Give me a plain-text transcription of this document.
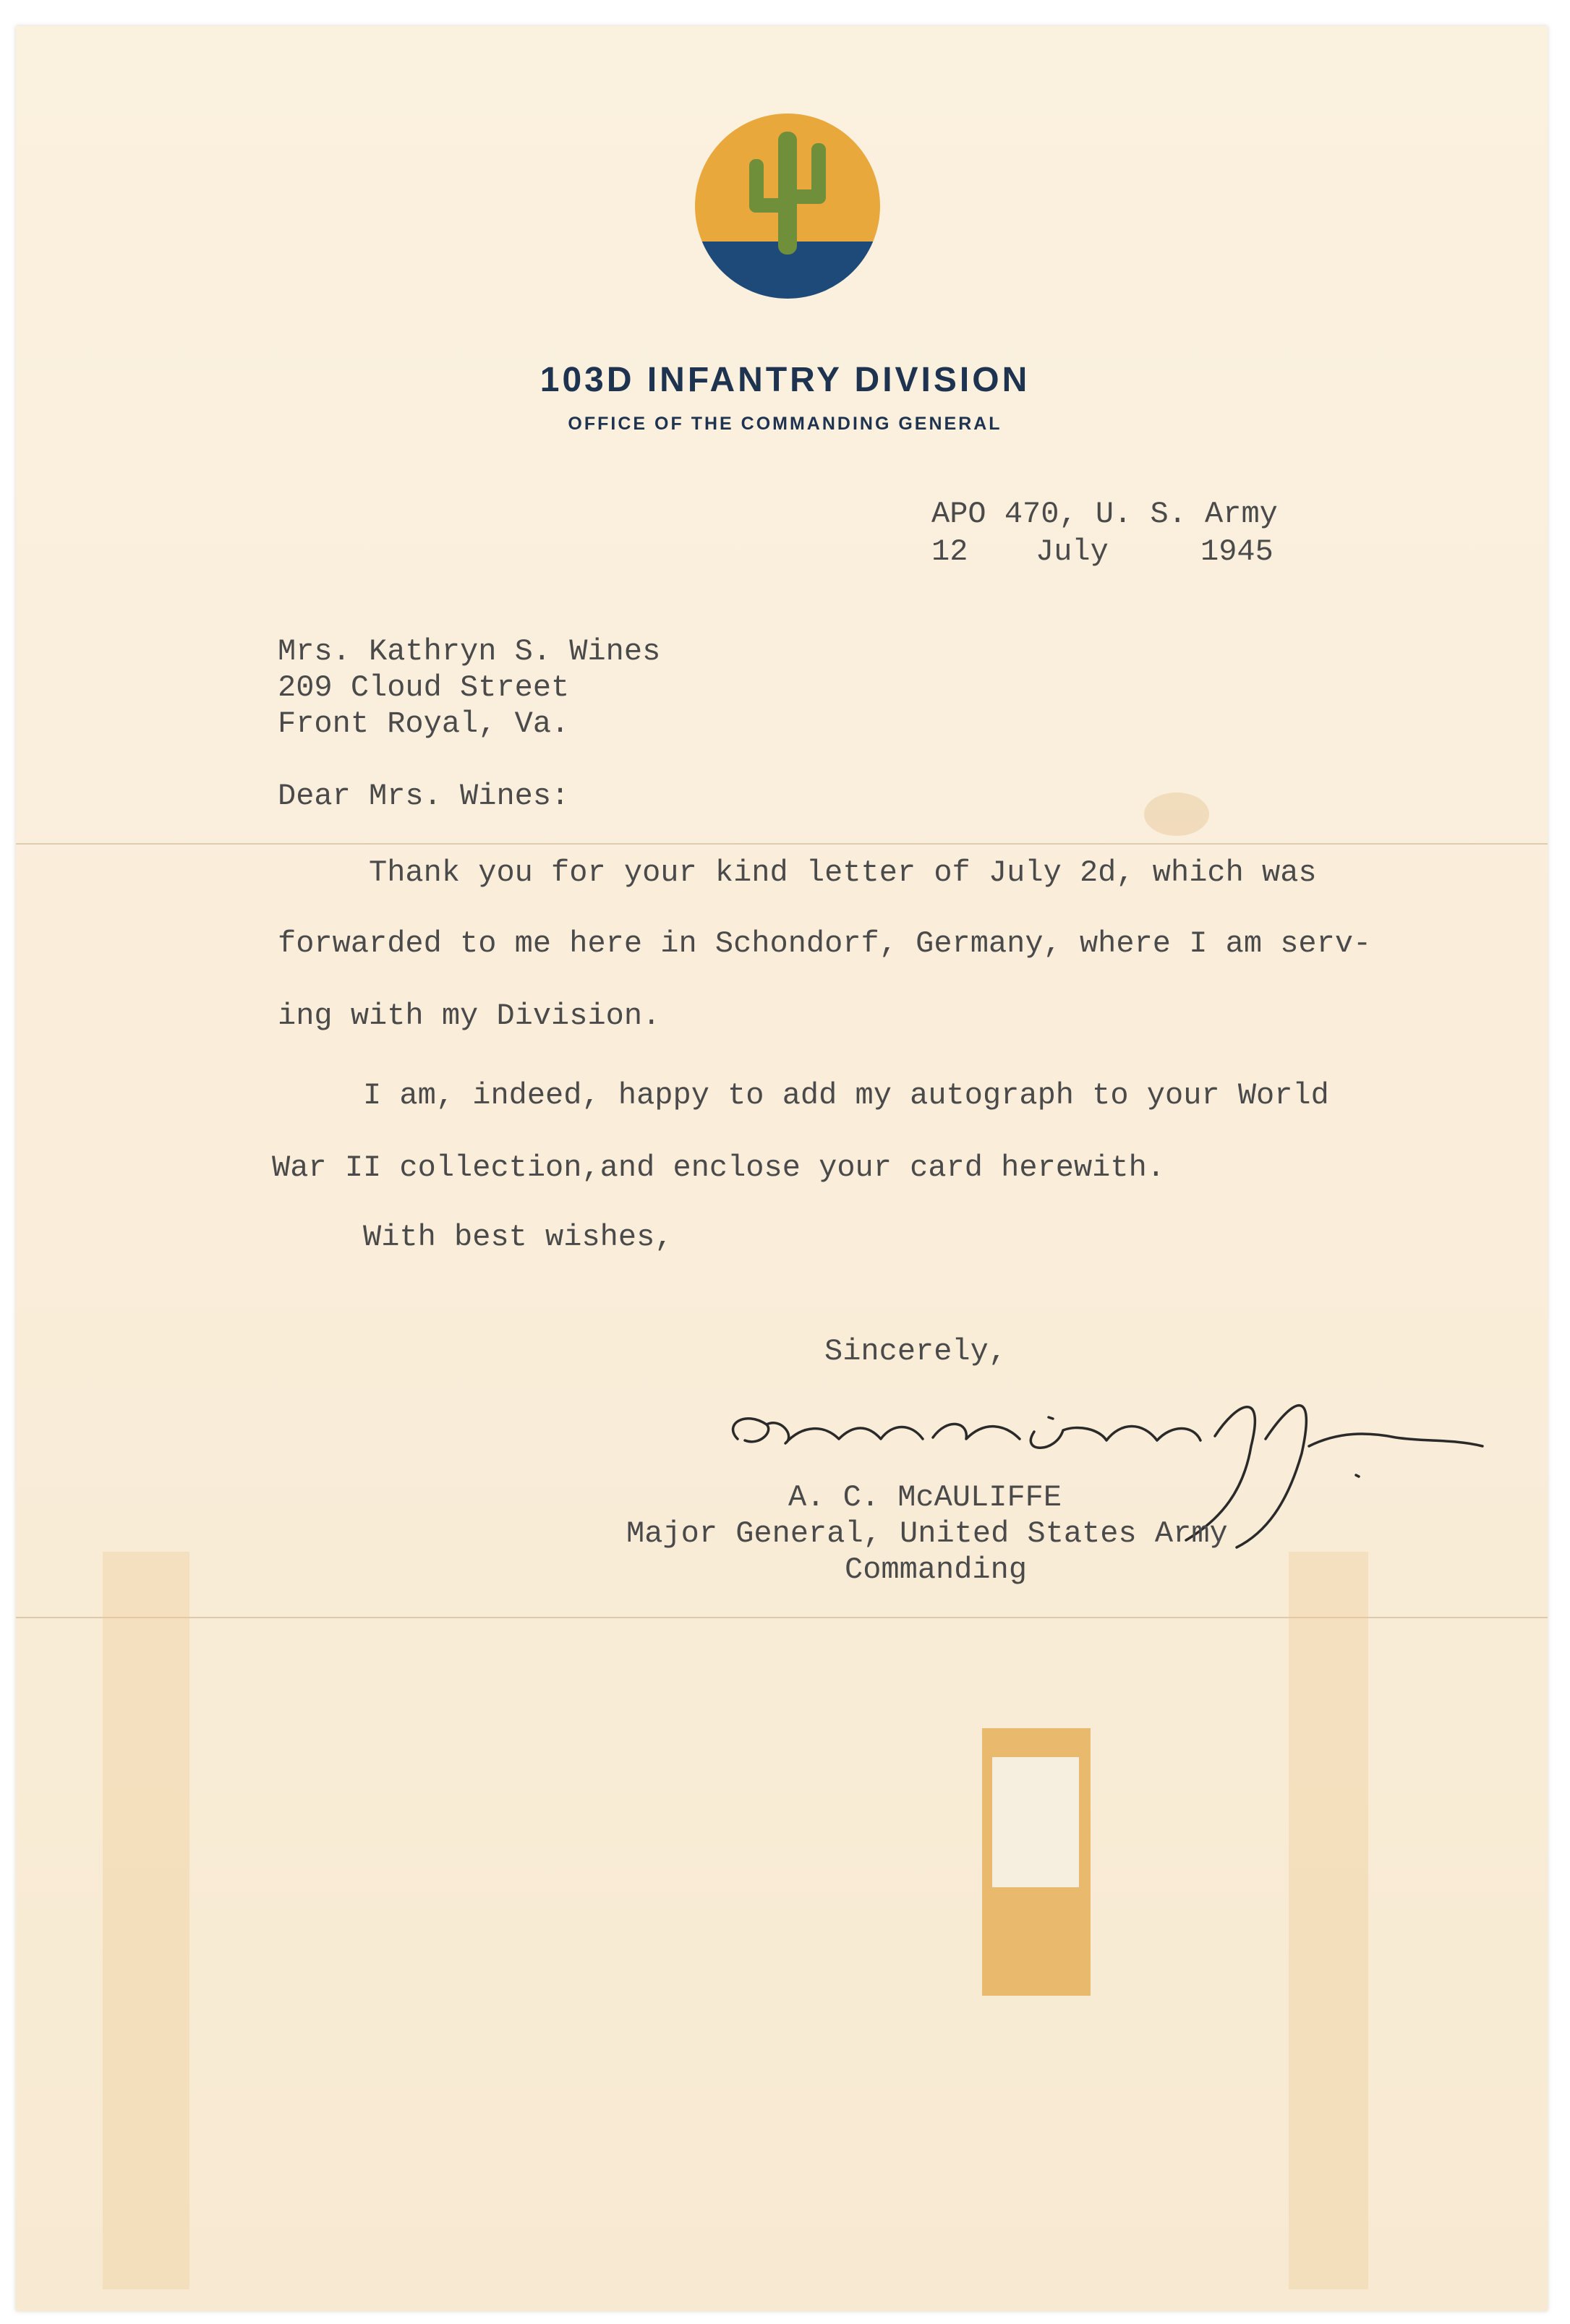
103D INFANTRY DIVISION
OFFICE OF THE COMMANDING GENERAL
APO 470, U. S. Army
12 July	1945
Mrs. Kathryn S. Wines
209 Cloud Street
Front Royal, Va.
Dear Mrs. Wines:
Thank you for your kind letter of July 2d, which was
forwarded to me here in Schondorf, Germany, where I am serv-
ing with my Division.
I am, indeed, happy to add my autograph to your World
War II collection,and enclose your card herewith.
With best wishes,
Sincerely,
A. C. McAULIFFE
Major General, United States Army
Commanding
